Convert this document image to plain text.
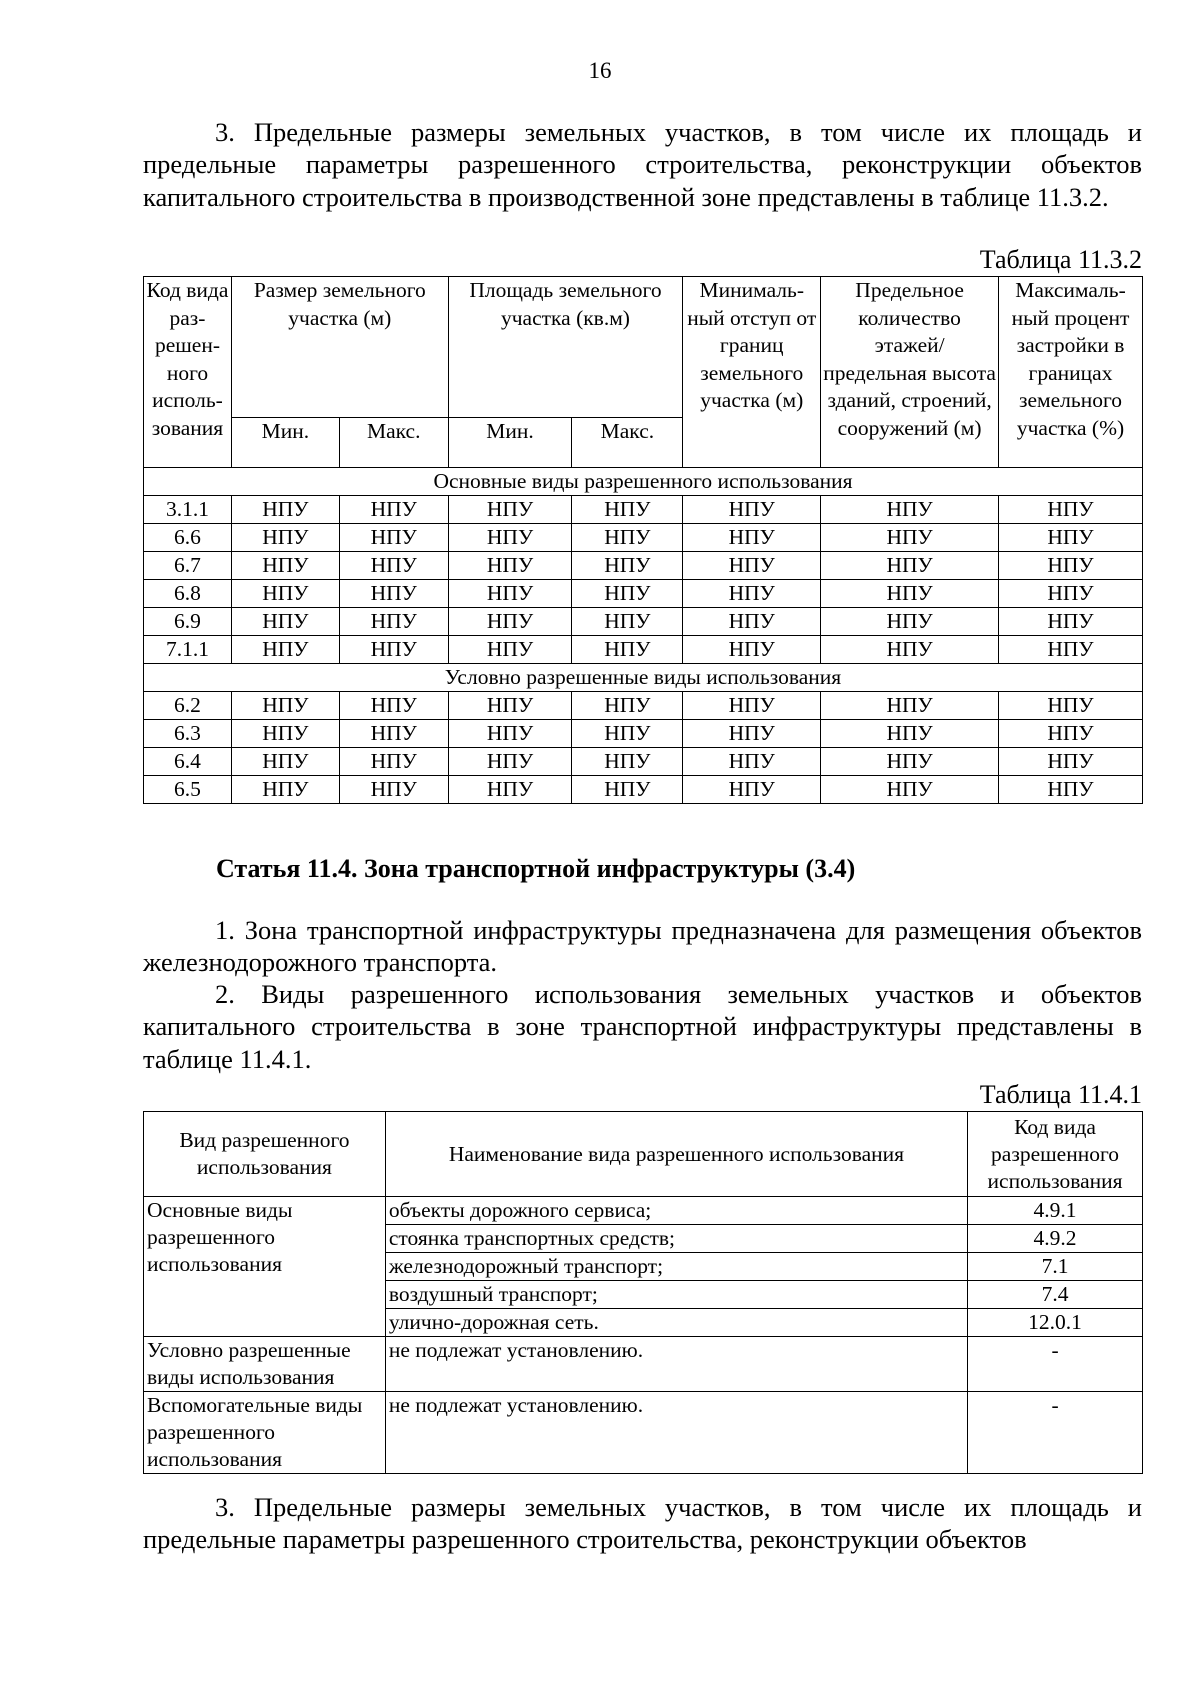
16

3. Предельные размеры земельных участков, в том числе их площадь и предельные параметры разрешенного строительства, реконструкции объектов капитального строительства в производственной зоне представлены в таблице 11.3.2.

Таблица 11.3.2
Код вида раз-решен-ного исполь-зования	Размер земельного участка (м)		Площадь земельного участка (кв.м)		Минималь-ный отступ от границ земельного участка (м)	Предельное количество этажей/ предельная высота зданий, строений, сооружений (м)	Максималь-ный процент застройки в границах земельного участка (%)
	Мин.	Макс.	Мин.	Макс.			
Основные виды разрешенного использования							
3.1.1	НПУ	НПУ	НПУ	НПУ	НПУ	НПУ	НПУ
6.6	НПУ	НПУ	НПУ	НПУ	НПУ	НПУ	НПУ
6.7	НПУ	НПУ	НПУ	НПУ	НПУ	НПУ	НПУ
6.8	НПУ	НПУ	НПУ	НПУ	НПУ	НПУ	НПУ
6.9	НПУ	НПУ	НПУ	НПУ	НПУ	НПУ	НПУ
7.1.1	НПУ	НПУ	НПУ	НПУ	НПУ	НПУ	НПУ
Условно разрешенные виды использования							
6.2	НПУ	НПУ	НПУ	НПУ	НПУ	НПУ	НПУ
6.3	НПУ	НПУ	НПУ	НПУ	НПУ	НПУ	НПУ
6.4	НПУ	НПУ	НПУ	НПУ	НПУ	НПУ	НПУ
6.5	НПУ	НПУ	НПУ	НПУ	НПУ	НПУ	НПУ
Статья 11.4. Зона транспортной инфраструктуры (3.4)

1. Зона транспортной инфраструктуры предназначена для размещения объектов железнодорожного транспорта.

2. Виды разрешенного использования земельных участков и объектов капитального строительства в зоне транспортной инфраструктуры представлены в таблице 11.4.1.

Таблица 11.4.1
Вид разрешенного использования	Наименование вида разрешенного использования	Код вида разрешенного использования
Основные виды разрешенного использования	объекты дорожного сервиса;	4.9.1
	стоянка транспортных средств;	4.9.2
	железнодорожный транспорт;	7.1
	воздушный транспорт;	7.4
	улично-дорожная сеть.	12.0.1
Условно разрешенные виды использования	не подлежат установлению.	-
Вспомогательные виды разрешенного использования	не подлежат установлению.	-

3. Предельные размеры земельных участков, в том числе их площадь и предельные параметры разрешенного строительства, реконструкции объектов
